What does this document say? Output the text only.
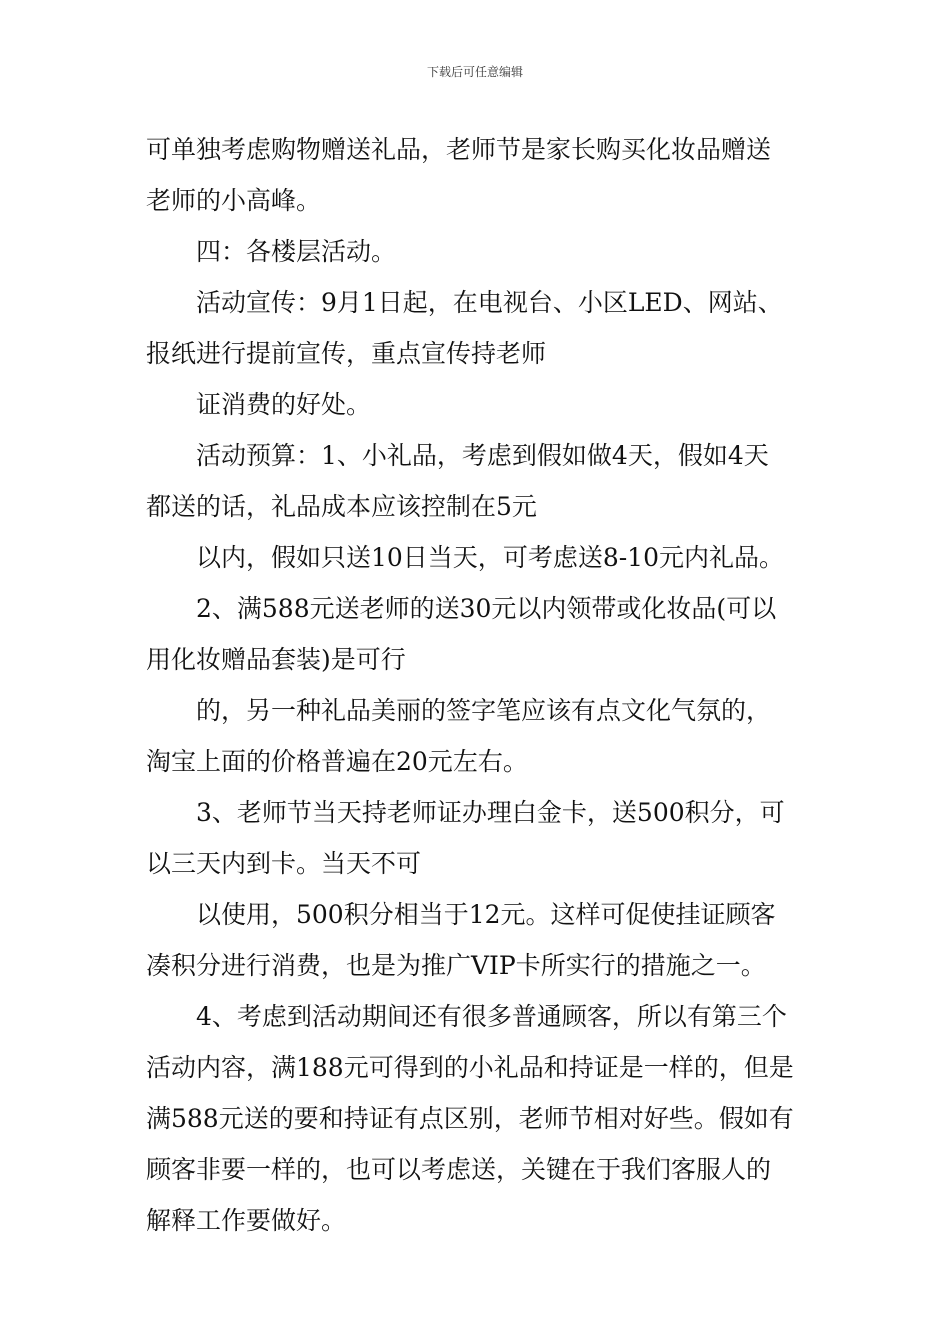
下载后可任意编辑
可单独考虑购物赠送礼品，老师节是家长购买化妆品赠送
老师的小高峰。
四：各楼层活动。
活动宣传：9月1日起，在电视台、小区LED、网站、
报纸进行提前宣传，重点宣传持老师
证消费的好处。
活动预算：1、小礼品，考虑到假如做4天，假如4天
都送的话，礼品成本应该控制在5元
以内，假如只送10日当天，可考虑送8-10元内礼品。
2、满588元送老师的送30元以内领带或化妆品(可以
用化妆赠品套装)是可行
的，另一种礼品美丽的签字笔应该有点文化气氛的，
淘宝上面的价格普遍在20元左右。
3、老师节当天持老师证办理白金卡，送500积分，可
以三天内到卡。当天不可
以使用，500积分相当于12元。这样可促使挂证顾客
凑积分进行消费，也是为推广VIP卡所实行的措施之一。
4、考虑到活动期间还有很多普通顾客，所以有第三个
活动内容，满188元可得到的小礼品和持证是一样的，但是
满588元送的要和持证有点区别，老师节相对好些。假如有
顾客非要一样的，也可以考虑送，关键在于我们客服人的
解释工作要做好。
